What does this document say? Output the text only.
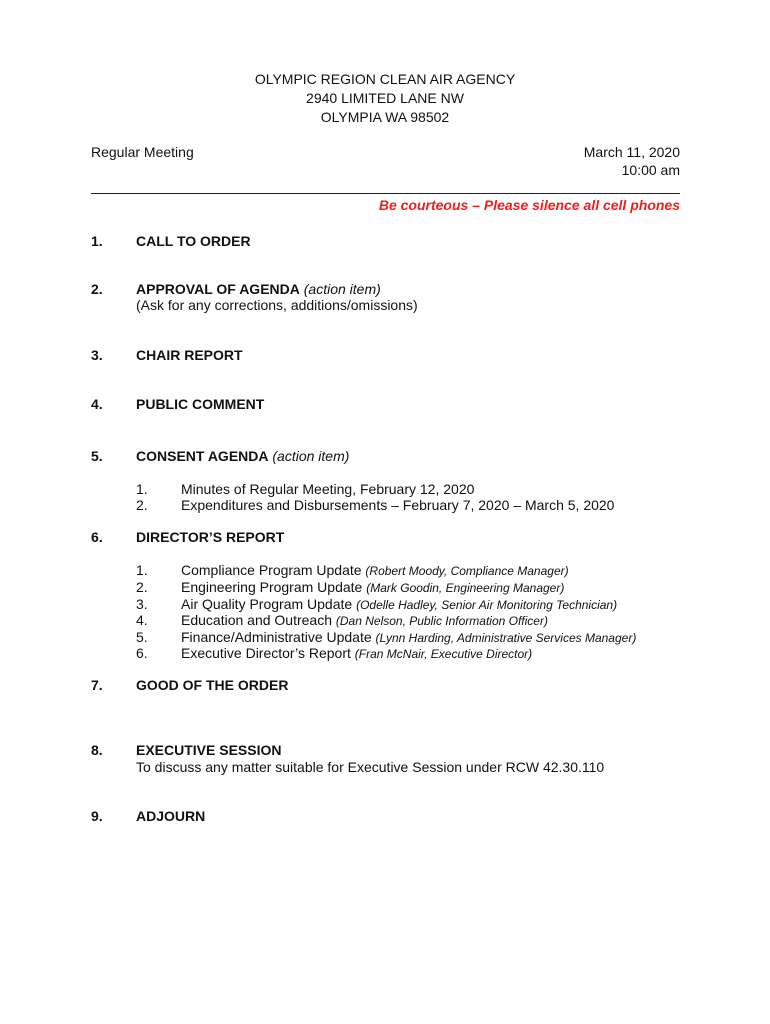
OLYMPIC REGION CLEAN AIR AGENCY
2940 LIMITED LANE NW
OLYMPIA WA 98502
Regular Meeting	March 11, 2020
10:00 am
Be courteous – Please silence all cell phones
1. CALL TO ORDER
2. APPROVAL OF AGENDA (action item)
(Ask for any corrections, additions/omissions)
3. CHAIR REPORT
4. PUBLIC COMMENT
5. CONSENT AGENDA (action item)
1. Minutes of Regular Meeting, February 12, 2020
2. Expenditures and Disbursements – February 7, 2020 – March 5, 2020
6. DIRECTOR’S REPORT
1. Compliance Program Update (Robert Moody, Compliance Manager)
2. Engineering Program Update (Mark Goodin, Engineering Manager)
3. Air Quality Program Update (Odelle Hadley, Senior Air Monitoring Technician)
4. Education and Outreach (Dan Nelson, Public Information Officer)
5. Finance/Administrative Update (Lynn Harding, Administrative Services Manager)
6. Executive Director’s Report (Fran McNair, Executive Director)
7. GOOD OF THE ORDER
8. EXECUTIVE SESSION
To discuss any matter suitable for Executive Session under RCW 42.30.110
9. ADJOURN
